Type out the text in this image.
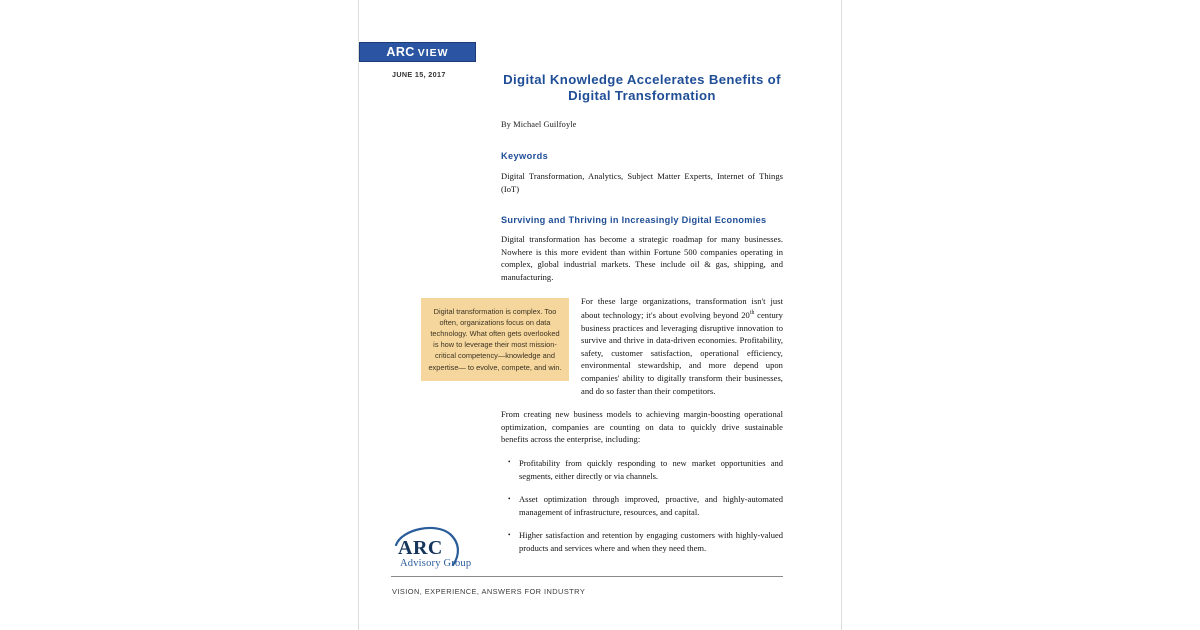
ARC VIEW
JUNE 15, 2017	Digital Knowledge Accelerates Benefits of Digital Transformation

By Michael Guilfoyle

Keywords

Digital Transformation, Analytics, Subject Matter Experts, Internet of Things (IoT)

Surviving and Thriving in Increasingly Digital Economies

Digital transformation has become a strategic roadmap for many businesses. Nowhere is this more evident than within Fortune 500 companies operating in complex, global industrial markets. These include oil & gas, shipping, and manufacturing.

Digital transformation is complex. Too often, organizations focus on data technology. What often gets overlooked is how to leverage their most mission-critical competency—knowledge and expertise— to evolve, compete, and win.

For these large organizations, transformation isn't just about technology; it's about evolving beyond 20th century business practices and leveraging disruptive innovation to survive and thrive in data-driven economies. Profitability, safety, customer satisfaction, operational efficiency, environmental stewardship, and more depend upon companies' ability to digitally transform their businesses, and do so faster than their competitors.

From creating new business models to achieving margin-boosting operational optimization, companies are counting on data to quickly drive sustainable benefits across the enterprise, including:

• Profitability from quickly responding to new market opportunities and segments, either directly or via channels.
• Asset optimization through improved, proactive, and highly-automated management of infrastructure, resources, and capital.
• Higher satisfaction and retention by engaging customers with highly-valued products and services where and when they need them.
ARC
Advisory Group
VISION, EXPERIENCE, ANSWERS FOR INDUSTRY
